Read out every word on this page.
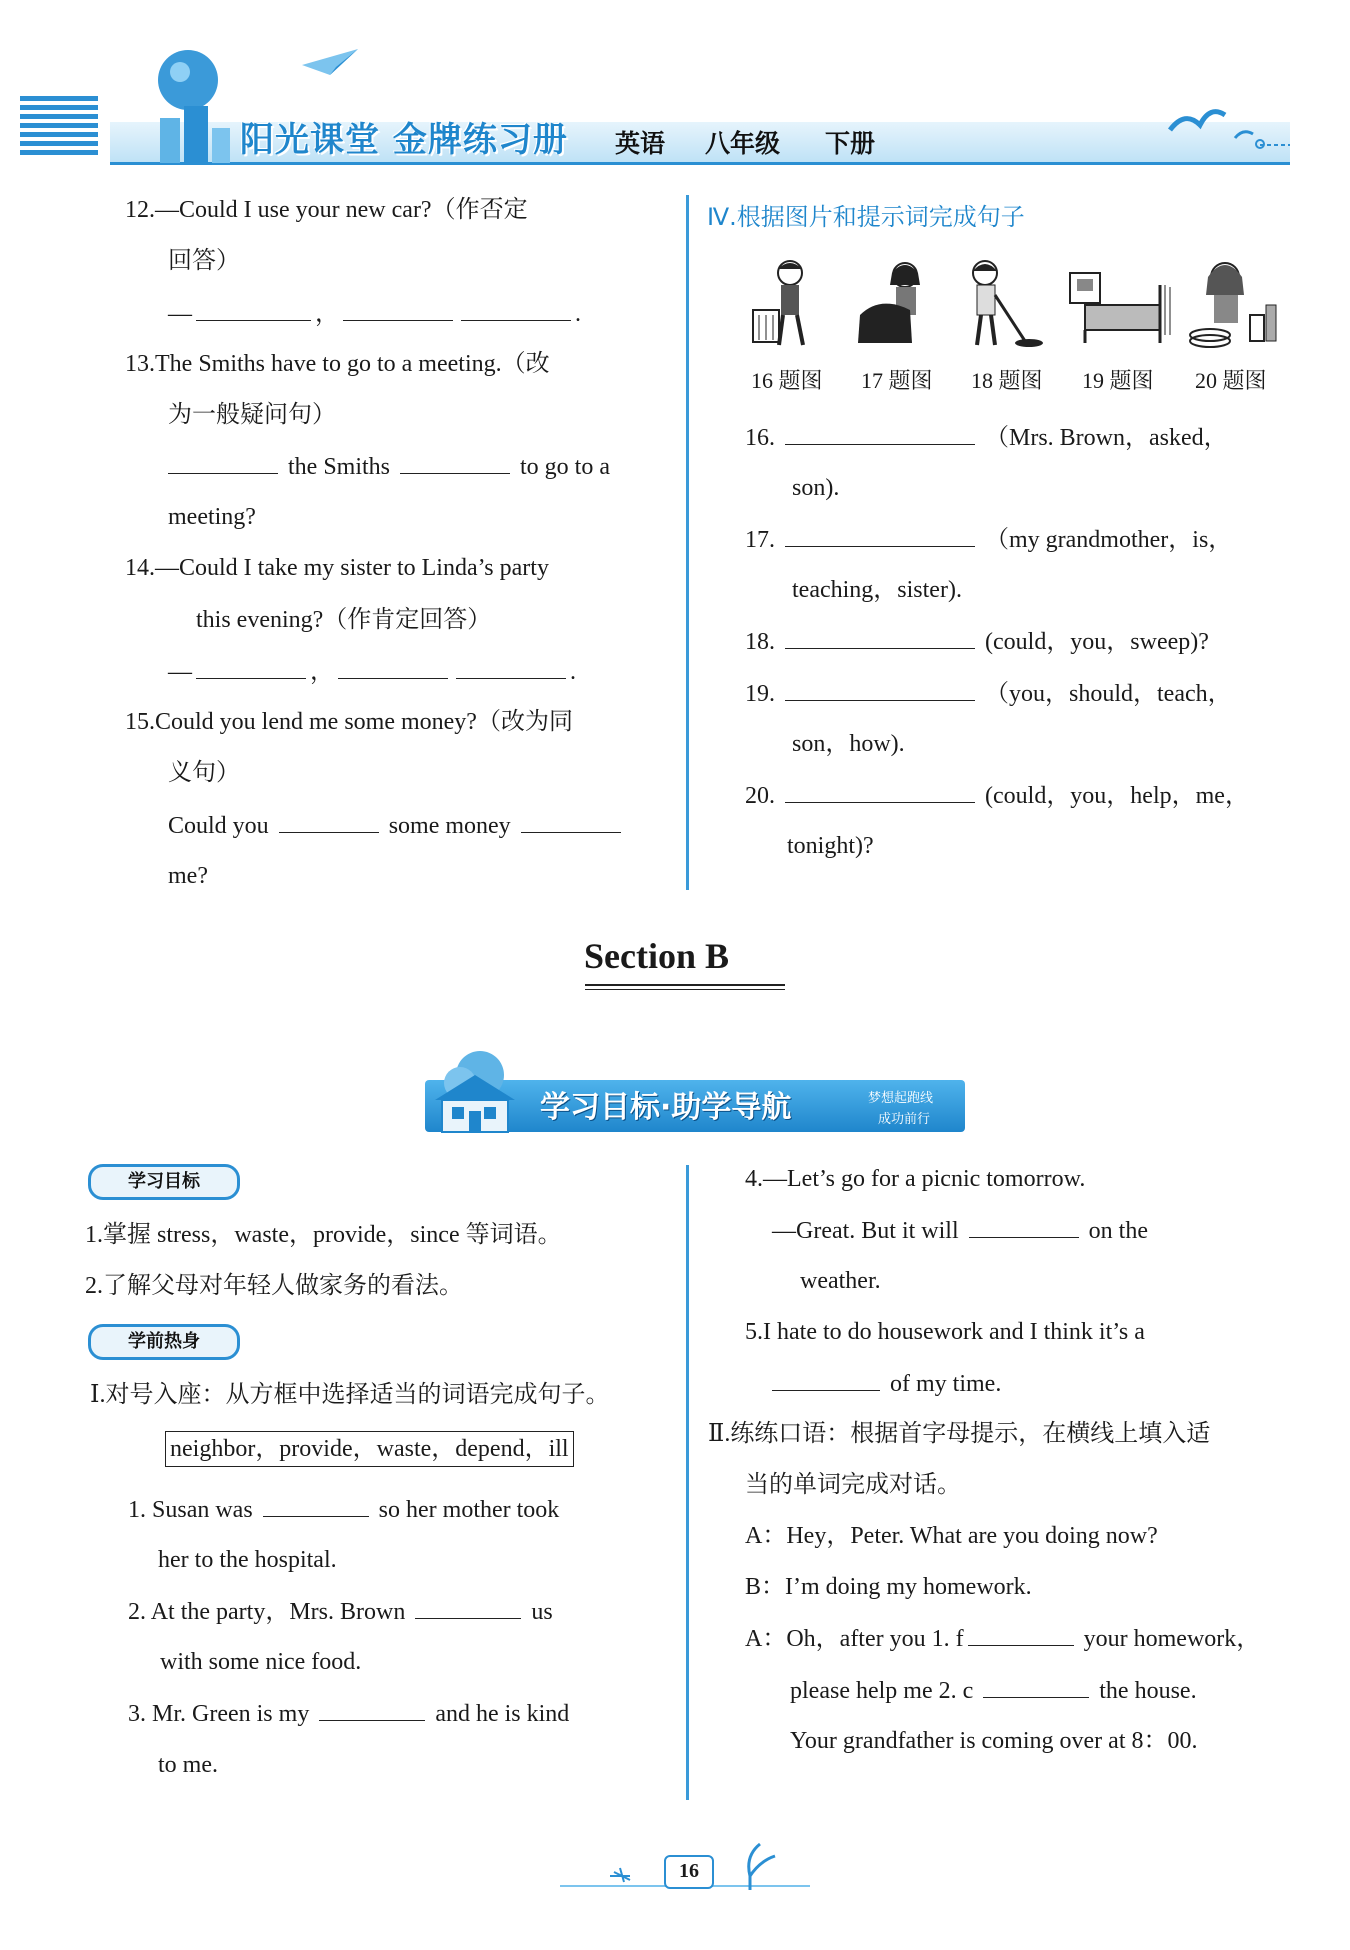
阳光课堂 金牌练习册 英语 八年级 下册
12.—Could I use your new car?（作否定
回答）
—	，	.
13.The Smiths have to go to a meeting.（改
为一般疑问句）
the Smiths	to go to a
meeting?
14.—Could I take my sister to Linda’s party
this evening?（作肯定回答）
—	，	.
15.Could you lend me some money?（改为同
义句）
Could you	some money
me?
Ⅳ.根据图片和提示词完成句子
16 题图 17 题图 18 题图 19 题图 20 题图
16.	（Mrs. Brown，asked，
son).
17.	（my grandmother，is，
teaching，sister).
18.	(could，you，sweep)?
19.	（you，should，teach，
son，how).
20.	(could，you，help，me，
tonight)?
Section B
学习目标·助学导航	梦想起跑线
成功前行
学习目标
1.掌握 stress，waste，provide，since 等词语。
2.了解父母对年轻人做家务的看法。
学前热身
Ⅰ.对号入座：从方框中选择适当的词语完成句子。
neighbor，provide，waste，depend，ill
1. Susan was	so her mother took
her to the hospital.
2. At the party，Mrs. Brown	us
with some nice food.
3. Mr. Green is my	and he is kind
to me.
4.—Let’s go for a picnic tomorrow.
—Great. But it will	on the
weather.
5.I hate to do housework and I think it’s a
of my time.
Ⅱ.练练口语：根据首字母提示，在横线上填入适
当的单词完成对话。
A：Hey，Peter. What are you doing now?
B：I’m doing my homework.
A：Oh，after you 1. f	your homework，
please help me 2. c	the house.
Your grandfather is coming over at 8：00.
16
